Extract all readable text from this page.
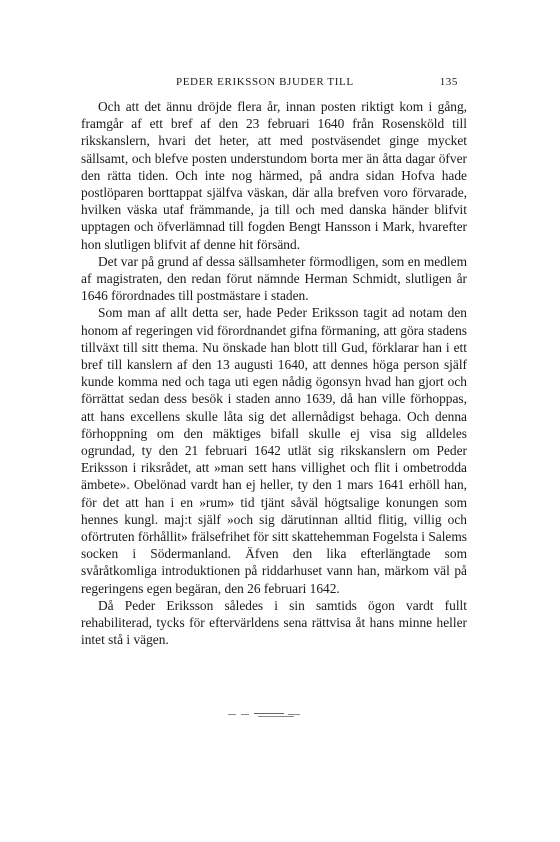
PEDER ERIKSSON BJUDER TILL	135

Och att det ännu dröjde flera år, innan posten riktigt kom i gång, framgår af ett bref af den 23 februari 1640 från Rosensköld till rikskanslern, hvari det heter, att med postväsendet ginge mycket sällsamt, och blefve posten understundom borta mer än åtta dagar öfver den rätta tiden. Och inte nog härmed, på andra sidan Hofva hade postlöparen borttappat själfva väskan, där alla brefven voro förvarade, hvilken väska utaf främmande, ja till och med danska händer blifvit upptagen och öfverlämnad till fogden Bengt Hansson i Mark, hvarefter hon slutligen blifvit af denne hit försänd.

Det var på grund af dessa sällsamheter förmodligen, som en medlem af magistraten, den redan förut nämnde Herman Schmidt, slutligen år 1646 förordnades till postmästare i staden.

Som man af allt detta ser, hade Peder Eriksson tagit ad notam den honom af regeringen vid förordnandet gifna förmaning, att göra stadens tillväxt till sitt thema. Nu önskade han blott till Gud, förklarar han i ett bref till kanslern af den 13 augusti 1640, att dennes höga person själf kunde komma ned och taga uti egen nådig ögonsyn hvad han gjort och förrättat sedan dess besök i staden anno 1639, då han ville förhoppas, att hans excellens skulle låta sig det allernådigst behaga. Och denna förhoppning om den mäktiges bifall skulle ej visa sig alldeles ogrundad, ty den 21 februari 1642 utlät sig rikskanslern om Peder Eriksson i riksrådet, att »man sett hans villighet och flit i ombetrodda ämbete». Obelönad vardt han ej heller, ty den 1 mars 1641 erhöll han, för det att han i en »rum» tid tjänt såväl högtsalige konungen som hennes kungl. maj:t själf »och sig därutinnan alltid flitig, villig och oförtruten förhållit» frälsefrihet för sitt skattehemman Fogelsta i Salems socken i Södermanland. Äfven den lika efterlängtade som svåråtkomliga introduktionen på riddarhuset vann han, märkom väl på regeringens egen begäran, den 26 februari 1642.

Då Peder Eriksson således i sin samtids ögon vardt fullt rehabiliterad, tycks för eftervärldens sena rättvisa åt hans minne heller intet stå i vägen.
